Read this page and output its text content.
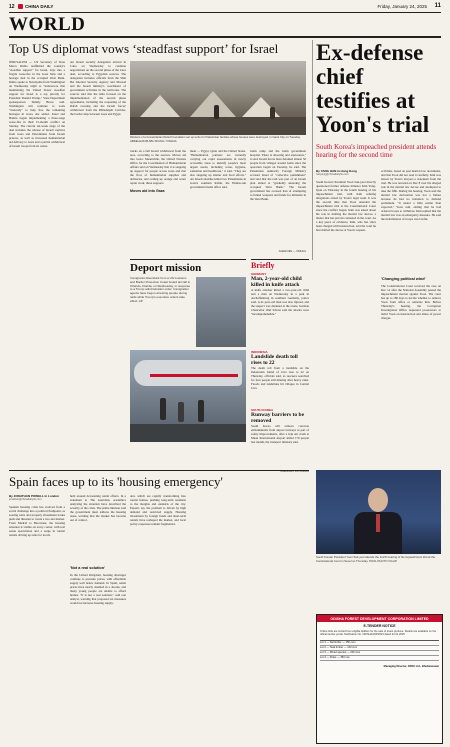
12 CHINA DAILY	Friday, January 24, 2025 11
WORLD
Top US diplomat vows ‘steadfast support’ for Israel
JERUSALEM — US Secretary of State Marco Rubio reaffirmed the country's "steadfast support" for Israel, days into a fragile cease-fire in the Gaza Strip and a hostage deal in the occupied West Bank. Rubio spoke to Netanyahu from Washington on Wednesday night to "underscore that maintaining the United States' steadfast support for Israel is a top priority for President Donald Trump," State Department spokesperson Tammy Bruce said. Washington will continue to work "tirelessly" to help free the remaining hostages in Gaza, she added. Israel and Hamas began implementing a three-stage cease-fire in their 15-month conflict on Sunday. The current six-week stage of the deal includes the release of Israeli captives from Gaza and Palestinians from Israeli prisons, as well as increased humanitarian aid delivery to Gaza and a partial withdrawal of Israeli troops from its center.
An Israeli security delegation arrived in Cairo on Wednesday to continue negotiations on the second phase of the truce deal, according to Egyptian sources. The delegation includes officials from the Shin Bet Internal Security Agency and Mossad and the Israeli military's coordinator of government activities in the territories. The sources said that the talks focused on the implementation of the second phase agreements, including the reopening of the Rafah crossing and the Israeli forces' withdrawal from the Philadelphi Corridor, the border strip between Gaza and Egypt.
Workers of a humanitarian Relief Foundation set up tents for Palestinian families whose houses were destroyed, in Gaza City on Tuesday. ABDELHAKIM ABU RIASH / XINHUA
trucks on a full Israeli withdrawal from the area, according to the sources. Moves aid into Gaza: Meanwhile, the United Nations Office for the Coordination of Humanitarian Affairs said on Wednesday that it is stepping up support for people across Gaza and that the flow of humanitarian supplies and deliveries, and scaling up orange and water repair work, these supports.
Moves aid into Gaza
ment — Egypt, Qatar and the United States. "Humanitarian partners are currently carrying out rapid assessments in newly accessible areas to identify people's most urgent needs, including water, hygiene, sanitation and healthcare," it said. "They are also stepping up shelter and food efforts." An Israeli airstrike killed two Palestinians in Gaza's southern Rafah, the Hamas-run government media office said.
Jenin camp and the Jenin government hospital. There is shooting and explosions," it said. Israeli forces have detained almost 50 people from villages around Jenin since the operation began on Tuesday, he said. The Palestinian Authority Foreign Ministry accused Israel of "collective punishment" and said that the raid was part of an Israeli plan aimed at "gradually annexing the occupied West Bank." The Israeli government has accused Iran of attempting to funnel weapons and funds for militants in the West Bank.
AGENCIES — XINHUA
Ex-defense chief testifies at Yoon's trial
South Korea's impeached president attends hearing for the second time
By YANG HAN in Hong Kong
hanyang@chinadailyhk.com
South Korea's President Yoon Suk-yeol directly questioned former defense minister Kim Yong-hyun on Thursday in the fourth hearing of his impeachment trial, with Kim refuting allegations raised by Yoon's legal team. It was the second time that Yoon attended the impeachment trial at the Constitutional Court since the conflict began. Kim was asked about his role in drafting the martial law decree, a matter that has proven contested in the court. As a key piece of evidence, Kim, who has since been charged with insurrection, told the court he had drafted the decree at Yoon's request.
activities, based on past martial law documents, and that Yoon did not read it carefully. Kim was shown by Yoon's lawyers a statement from the trial. He was arrested on Dec 8 over his alleged role in the martial law decree and attempted to take the fifth. During the hearing, Yoon said the martial law declaration was not a failure because he had no intention to disband parliament. "It ended a little earlier than expected," Yoon said, adding that he had ordered troops to withdraw. Kim replied that the martial law was an emergency measure. He said the mobilization of troops was lawful.
'Changing political wind'
The Constitutional Court received the case on Dec 14 after the National Assembly passed the impeachment motion against Yoon. The court has up to 180 days to decide whether to remove Yoon from office or reinstate him. Before Thursday's hearing, the Corruption Investigation Office requested prosecutors to indict Yoon on insurrection and abuse of power charges.
South Korean President Yoon Suk-yeol attends the fourth hearing of his impeachment trial at the Constitutional Court in Seoul on Thursday. POOL PHOTO VIA AP
Deport mission
Immigrants disembark from a US Customs and Border Protection Coast Guard aircraft in Orlando, Florida, on Wednesday, in response to a Trump administration order. Immigration agents have begun arresting people during raids while Trump's executive orders take effect. AP
Briefly
GERMANY
Man, 2-year-old child killed in knife attack
A knife attacker killed a two-year-old child and a man on Wednesday in a park in Aschaffenburg in southern Germany, police said. A 41-year-old man was also injured, and the suspect was detained at the scene. German Chancellor Olaf Scholz said the attacks were "incomprehensible."
INDONESIA
Landslide death toll rises to 22
The death toll from a landslide on the Indonesian island of Java rose to 22 on Thursday, officials said, as rescuers searched for four people still missing after heavy rains. Floods and landslides hit villages in Central Java.
SOUTH KOREA
Runway barriers to be removed
South Korea will remove concrete embankments from airport runways as part of safety improvements, after a Jeju Air crash at Muan International Airport killed 179 people last month, the transport ministry said.
AGENCIES VIA XINHUA
Spain faces up to its 'housing emergency'
By JONATHAN POWELL in London
jonathan@chinadailyuk.com
Spanish housing crisis has evolved from a social challenge into a political flashpoint, as soaring rents and property investment trades push and threaten to create a two-tier market. From Madrid to Barcelona, the housing situation is visible on every corner, with real estate speculation and a surge in tourist rentals driving up rents for locals.
held around devastating rental efforts. In a statement to The Guardian, academics analyzing the situation have described the severity of the crisis. The prime minister said the government must address the housing issue, warning that the market has become out of control.
'Not a real solution'
In the United Kingdom, housing shortages continue to pressure prices, with affordable supply well below demand. In Spain, rental prices have nearly doubled in a decade, and many young people are unable to afford homes. "It is not a real solution," said one analyst, warning that proposed tax measures would not increase housing supply.
don, which are rapidly transforming into tourist homes, pushing long-term residents to the margins and outskirts of the city. Experts say the problem is driven by high demand and restricted supply. Housing investment by foreign funds and short-term rentals have reshaped the market, and local policy responses remain fragmented.
ODISHA FOREST DEVELOPMENT CORPORATION LIMITED
E-TENDER NOTICE
Online bids are invited from eligible bidders for the sale of forest produce. Details are available on the official tender portal. Notification No. ODISHA/2025/024 dated 22.01.2025
Lot 1 — Sal timber — 150 cum
Lot 2 — Teak timber — 120 cum
Lot 3 — Mixed species — 200 cum
Lot 4 — Poles — 350 nos
Managing Director, OFDC Ltd., Bhubaneswar
